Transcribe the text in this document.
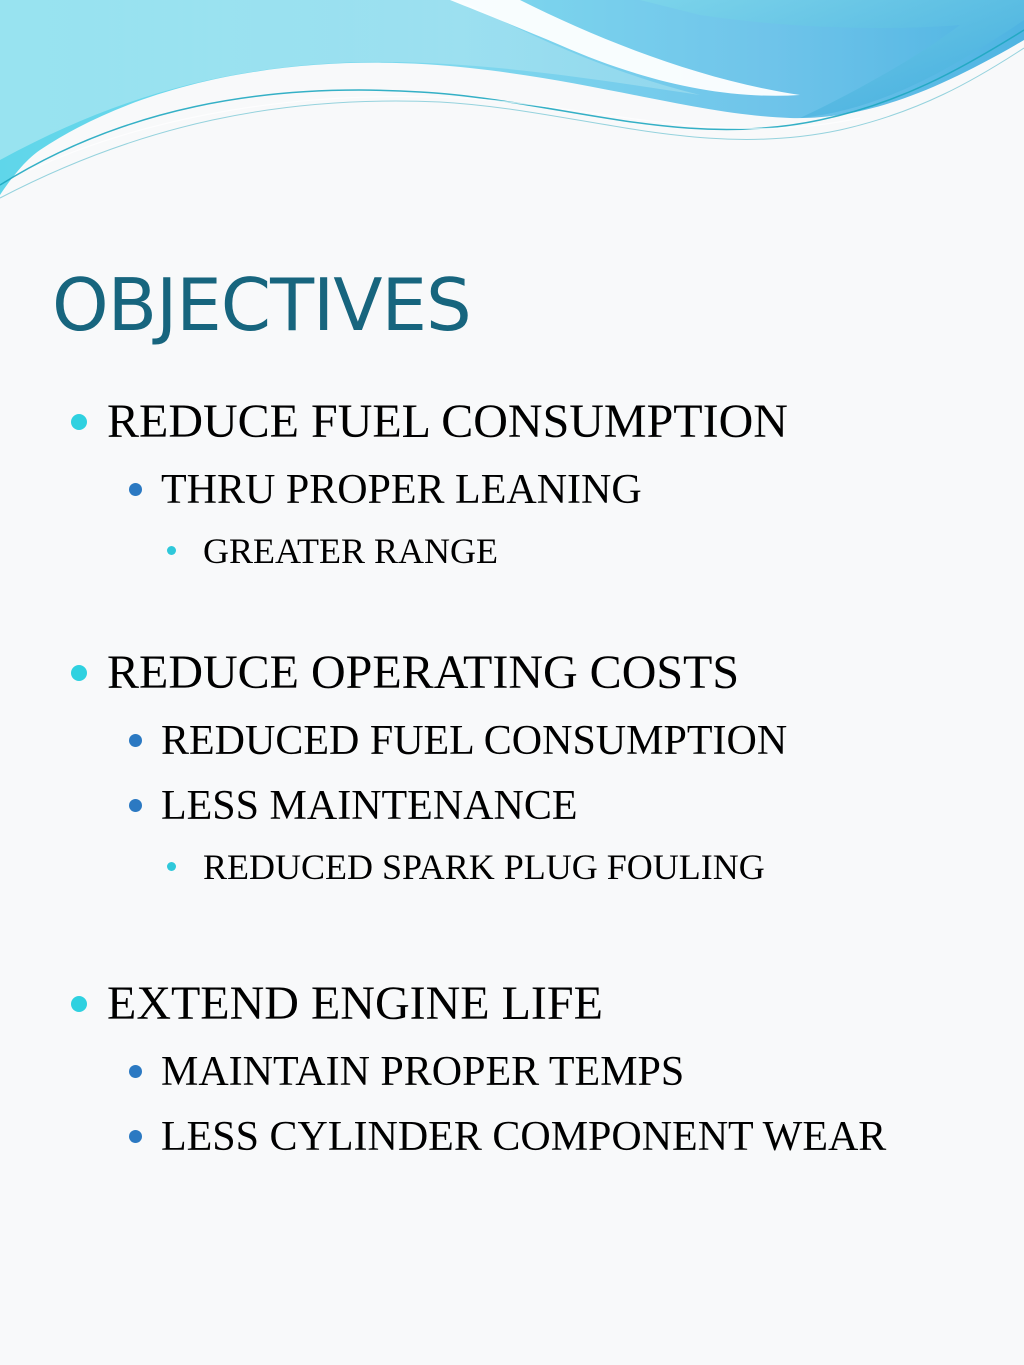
OBJECTIVES
REDUCE FUEL CONSUMPTION
THRU PROPER LEANING
GREATER RANGE
REDUCE OPERATING COSTS
REDUCED FUEL CONSUMPTION
LESS MAINTENANCE
REDUCED SPARK PLUG FOULING
EXTEND ENGINE LIFE
MAINTAIN PROPER TEMPS
LESS CYLINDER COMPONENT WEAR
